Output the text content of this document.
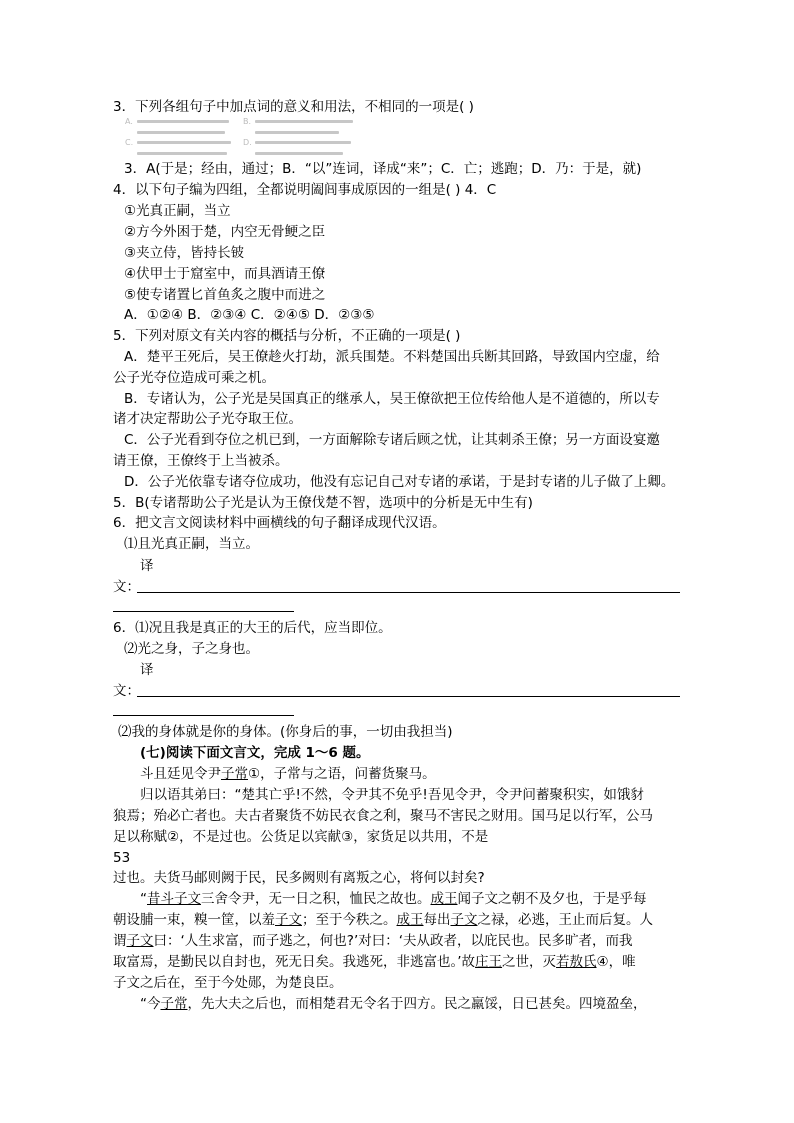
3．下列各组句子中加点词的意义和用法，不相同的一项是( )
A.	B.
C.	D.
3．A(于是；经由，通过；B．“以”连词，译成“来”；C．亡；逃跑；D．乃：于是，就)
4．以下句子编为四组，全都说明阖闾事成原因的一组是( ) 4．C
①光真正嗣，当立
②方今外困于楚，内空无骨鲠之臣
③夹立侍，皆持长铍
④伏甲士于窟室中，而具酒请王僚
⑤使专诸置匕首鱼炙之腹中而进之
A．①②④ B．②③④ C．②④⑤ D．②③⑤
5．下列对原文有关内容的概括与分析，不正确的一项是( )
A．楚平王死后，吴王僚趁火打劫，派兵围楚。不料楚国出兵断其回路，导致国内空虚，给
公子光夺位造成可乘之机。
B．专诸认为，公子光是吴国真正的继承人，吴王僚欲把王位传给他人是不道德的，所以专
诸才决定帮助公子光夺取王位。
C．公子光看到夺位之机已到，一方面解除专诸后顾之忧，让其刺杀王僚；另一方面设宴邀
请王僚，王僚终于上当被杀。
D．公子光依靠专诸夺位成功，他没有忘记自己对专诸的承诺，于是封专诸的儿子做了上卿。
5．B(专诸帮助公子光是认为王僚伐楚不智，选项中的分析是无中生有)
6．把文言文阅读材料中画横线的句子翻译成现代汉语。
⑴且光真正嗣，当立。
译
文：
6．⑴况且我是真正的大王的后代，应当即位。
⑵光之身，子之身也。
译
文：
⑵我的身体就是你的身体。(你身后的事，一切由我担当)
(七)阅读下面文言文，完成 1～6 题。
斗且廷见令尹子常①，子常与之语，问蓄货聚马。
归以语其弟曰：“楚其亡乎!不然，令尹其不免乎!吾见令尹，令尹问蓄聚积实，如饿豺
狼焉；殆必亡者也。夫古者聚货不妨民衣食之利，聚马不害民之财用。国马足以行军，公马
足以称赋②，不是过也。公货足以宾献③，家货足以共用，不是
53
过也。夫货马邮则阙于民，民多阙则有离叛之心，将何以封矣?
“昔斗子文三舍令尹，无一日之积，恤民之故也。成王闻子文之朝不及夕也，于是乎每
朝设脯一束，糗一筐，以羞子文；至于今秩之。成王每出子文之禄，必逃，王止而后复。人
谓子文曰：‘人生求富，而子逃之，何也?’对曰：‘夫从政者，以庇民也。民多旷者，而我
取富焉，是勤民以自封也，死无日矣。我逃死，非逃富也。’故庄王之世，灭若敖氏④，唯
子文之后在，至于今处郧，为楚良臣。
“今子常，先大夫之后也，而相楚君无令名于四方。民之羸馁，日已甚矣。四境盈垒，
